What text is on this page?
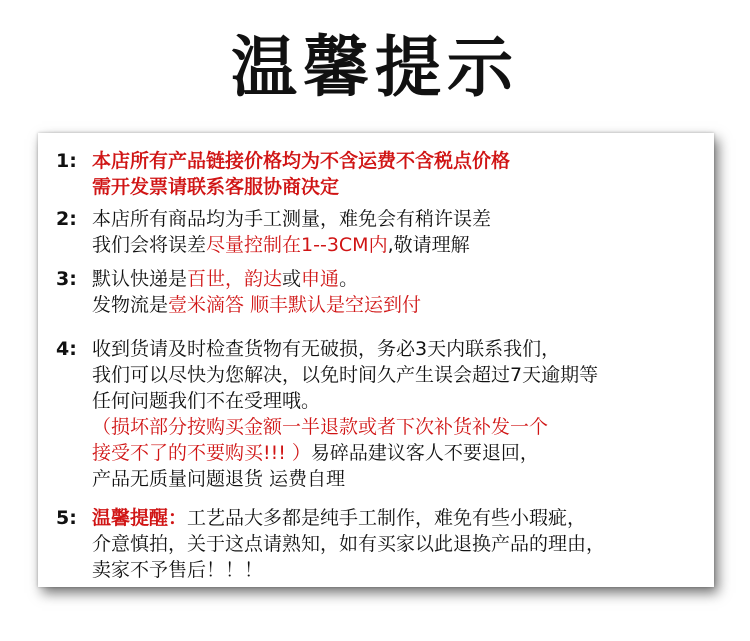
温馨提示
1: 本店所有产品链接价格均为不含运费不含税点价格
需开发票请联系客服协商决定
2: 本店所有商品均为手工测量，难免会有稍许误差
我们会将误差尽量控制在1--3CM内,敬请理解
3: 默认快递是百世，韵达或申通。
发物流是壹米滴答 顺丰默认是空运到付
4: 收到货请及时检查货物有无破损，务必3天内联系我们，
我们可以尽快为您解决，以免时间久产生误会超过7天逾期等
任何问题我们不在受理哦。
（损坏部分按购买金额一半退款或者下次补货补发一个
接受不了的不要购买!!! ）易碎品建议客人不要退回，
产品无质量问题退货 运费自理
5: 温馨提醒：工艺品大多都是纯手工制作，难免有些小瑕疵，
介意慎拍，关于这点请熟知，如有买家以此退换产品的理由，
卖家不予售后！！！
